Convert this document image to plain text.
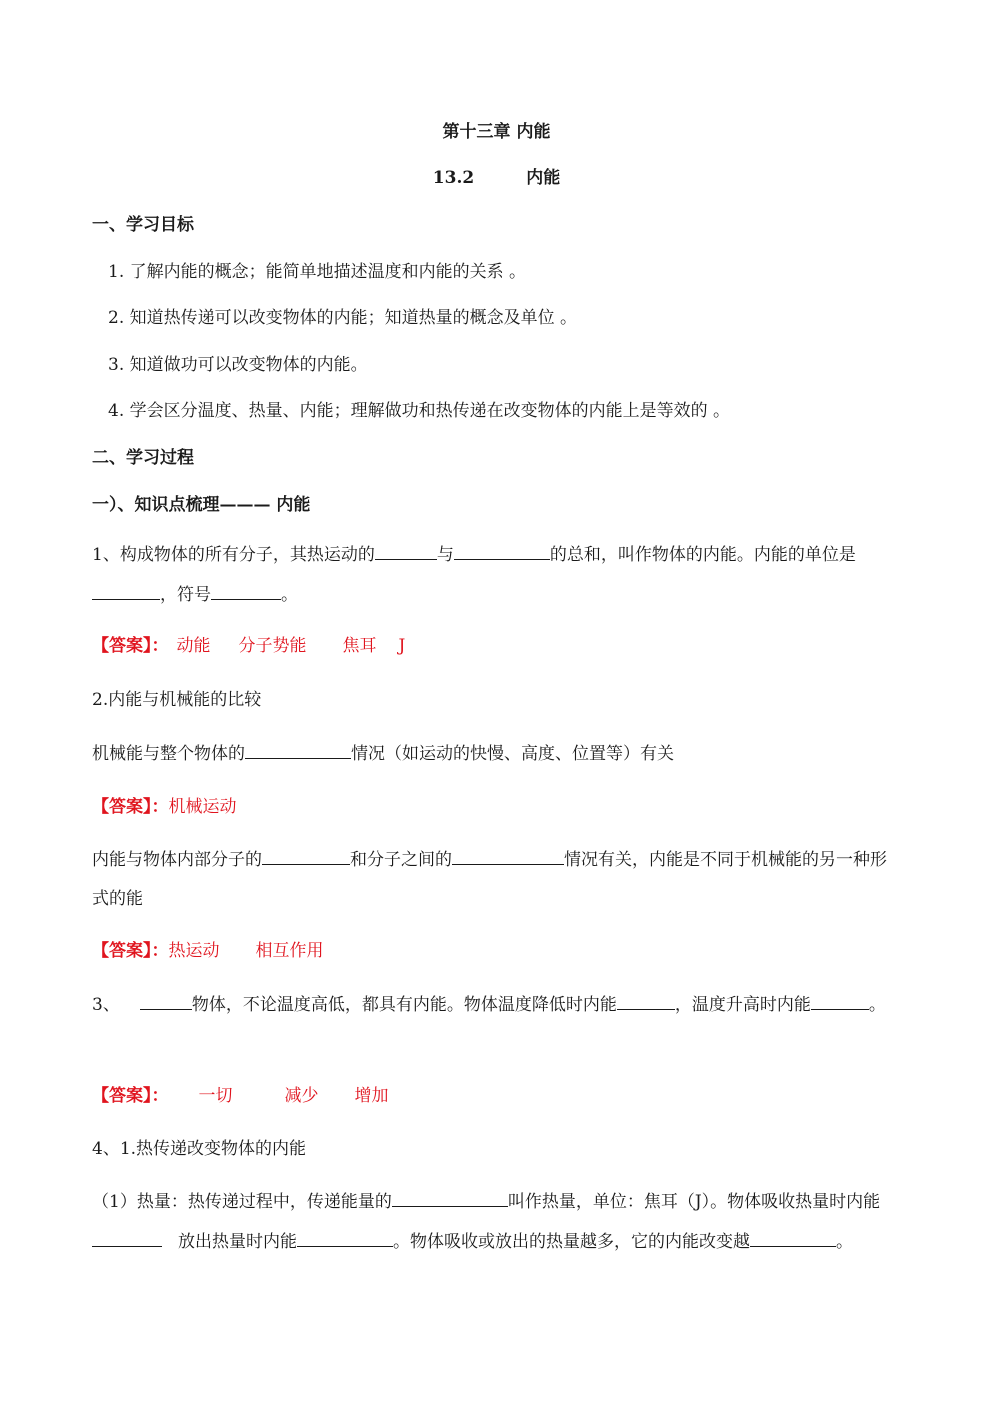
第十三章 内能
13.2	内能
一、学习目标
1. 了解内能的概念；能简单地描述温度和内能的关系 。
2. 知道热传递可以改变物体的内能；知道热量的概念及单位 。
3. 知道做功可以改变物体的内能。
4. 学会区分温度、热量、内能；理解做功和热传递在改变物体的内能上是等效的 。
二、学习过程
一）、知识点梳理——— 内能
1、构成物体的所有分子，其热运动的	与	的总和，叫作物体的内能。内能的单位是
，符号	。
【答案】： 动能 分子势能 焦耳 J
2.内能与机械能的比较
机械能与整个物体的	情况（如运动的快慢、高度、位置等）有关
【答案】：机械运动
内能与物体内部分子的	和分子之间的	情况有关，内能是不同于机械能的另一种形
式的能
【答案】：热运动 相互作用
3、	物体，不论温度高低，都具有内能。物体温度降低时内能	，温度升高时内能	。
【答案】： 一切	减少 增加
4、1.热传递改变物体的内能
（1）热量：热传递过程中，传递能量的	叫作热量，单位：焦耳（J）。物体吸收热量时内能
放出热量时内能	。物体吸收或放出的热量越多，它的内能改变越	。
